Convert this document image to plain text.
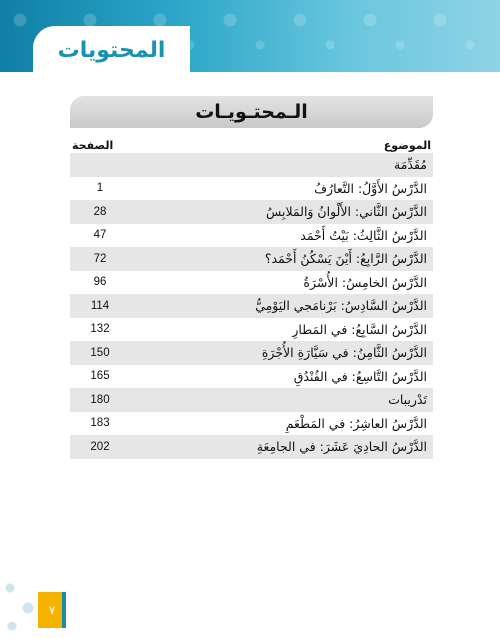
المحتويات
الـمحتـويـات
الصفحة	الموضوع
مُقَدِّمَة
1	الدَّرْسُ الأَوَّلُ: التَّعارُفُ
28	الدَّرْسُ الثَّاني: الأَلْوانُ وَالمَلابِسُ
47	الدَّرْسُ الثَّالِثُ: بَيْتُ أَحْمَد
72	الدَّرْسُ الرَّابِعُ: أَيْنَ يَسْكُنُ أَحْمَد؟
96	الدَّرْسُ الخامِسُ: الأُسْرَةُ
114	الدَّرْسُ السَّادِسُ: بَرْنامَجي اليَوْمِيُّ
132	الدَّرْسُ السَّابِعُ: في المَطارِ
150	الدَّرْسُ الثَّامِنُ: في سَيَّارَةِ الأُجْرَةِ
165	الدَّرْسُ التَّاسِعُ: في الفُنْدُقِ
180	تَدْريبات
183	الدَّرْسُ العاشِرُ: في المَطْعَمِ
202	الدَّرْسُ الحادِيَ عَشَرَ: في الجامِعَةِ
٧
